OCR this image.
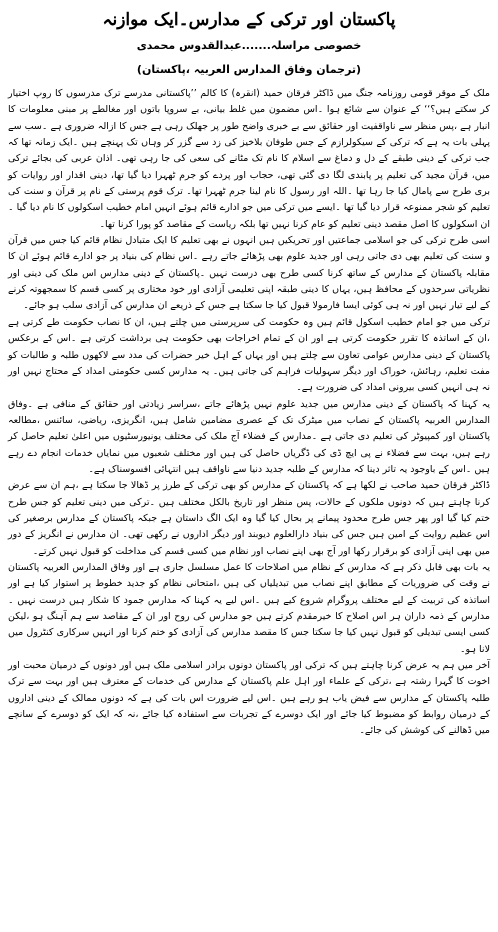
پاکستان اور ترکی کے مدارس۔ایک موازنہ
خصوصی مراسلہ.......عبدالقدوس محمدی
(ترجمان وفاق المدارس العربیہ ،پاکستان)

ملک کے موقر قومی روزنامہ جنگ میں ڈاکٹر فرقان حمید (انقرہ) کا کالم ’’پاکستانی مدرسے ترک مدرسوں کا روپ اختیار کر سکتے ہیں؟‘‘ کے عنوان سے شائع ہوا ۔اس مضمون میں غلط بیانی، بے سروپا باتوں اور مغالطے پر مبنی معلومات کا انبار ہے ،پس منظر سے ناواقفیت اور حقائق سے بے خبری واضح طور پر جھلک رہی ہے جس کا ازالہ ضروری ہے ۔سب سے پہلی بات یہ ہے کہ ترکی کے سیکولرازم کے جس طوفان بلاخیز کی زد سے گزر کر وہاں تک پہنچے ہیں ۔ایک زمانہ تھا کہ جب ترکی کے دینی طبقے کے دل و دماغ سے اسلام کا نام تک مٹانے کی سعی کی جا رہی تھی۔ اذان عربی کی بجائے ترکی میں، قرآن مجید کی تعلیم پر پابندی لگا دی گئی تھی، حجاب اور پردے کو جرم ٹھہرا دیا گیا تھا، دینی اقدار اور روایات کو بری طرح سے پامال کیا جا رہا تھا ۔اللہ اور رسول کا نام لینا جرم ٹھہرا تھا۔ ترک قوم پرستی کے نام پر قرآن و سنت کی تعلیم کو شجر ممنوعہ قرار دیا گیا تھا ۔ایسے میں ترکی میں جو ادارے قائم ہوئے انہیں امام خطیب اسکولوں کا نام دیا گیا ۔ان اسکولوں کا اصل مقصد دینی تعلیم کو عام کرنا نہیں تھا بلکہ ریاست کے مقاصد کو پورا کرنا تھا۔

اسی طرح ترکی کی جو اسلامی جماعتیں اور تحریکیں ہیں انہوں نے بھی تعلیم کا ایک متبادل نظام قائم کیا جس میں قرآن و سنت کی تعلیم بھی دی جاتی رہی اور جدید علوم بھی پڑھائے جاتے رہے ۔اس نظام کی بنیاد پر جو ادارے قائم ہوئے ان کا مقابلہ پاکستان کے مدارس کے ساتھ کرنا کسی طرح بھی درست نہیں ۔پاکستان کے دینی مدارس اس ملک کی دینی اور نظریاتی سرحدوں کے محافظ ہیں، یہاں کا دینی طبقہ اپنی تعلیمی آزادی اور خود مختاری پر کسی قسم کا سمجھوتہ کرنے کے لیے تیار نہیں اور نہ ہی کوئی ایسا فارمولا قبول کیا جا سکتا ہے جس کے ذریعے ان مدارس کی آزادی سلب ہو جائے۔

ترکی میں جو امام خطیب اسکول قائم ہیں وہ حکومت کی سرپرستی میں چلتے ہیں، ان کا نصاب حکومت طے کرتی ہے ،ان کے اساتذہ کا تقرر حکومت کرتی ہے اور ان کے تمام اخراجات بھی حکومت ہی برداشت کرتی ہے ۔اس کے برعکس پاکستان کے دینی مدارس عوامی تعاون سے چلتے ہیں اور یہاں کے اہل خیر حضرات کی مدد سے لاکھوں طلبہ و طالبات کو مفت تعلیم، رہائش، خوراک اور دیگر سہولیات فراہم کی جاتی ہیں۔ یہ مدارس کسی حکومتی امداد کے محتاج نہیں اور نہ ہی انہیں کسی بیرونی امداد کی ضرورت ہے۔

یہ کہنا کہ پاکستان کے دینی مدارس میں جدید علوم نہیں پڑھائے جاتے ،سراسر زیادتی اور حقائق کے منافی ہے ۔وفاق المدارس العربیہ پاکستان کے نصاب میں میٹرک تک کے عصری مضامین شامل ہیں، انگریزی، ریاضی، سائنس ،مطالعہ پاکستان اور کمپیوٹر کی تعلیم دی جاتی ہے ۔مدارس کے فضلاء آج ملک کی مختلف یونیورسٹیوں میں اعلیٰ تعلیم حاصل کر رہے ہیں، بہت سے فضلاء نے پی ایچ ڈی کی ڈگریاں حاصل کی ہیں اور مختلف شعبوں میں نمایاں خدمات انجام دے رہے ہیں ۔اس کے باوجود یہ تاثر دینا کہ مدارس کے طلبہ جدید دنیا سے ناواقف ہیں انتہائی افسوسناک ہے۔

ڈاکٹر فرقان حمید صاحب نے لکھا ہے کہ پاکستان کے مدارس کو بھی ترکی کے طرز پر ڈھالا جا سکتا ہے ،ہم ان سے عرض کرنا چاہتے ہیں کہ دونوں ملکوں کے حالات، پس منظر اور تاریخ بالکل مختلف ہیں ۔ترکی میں دینی تعلیم کو جس طرح ختم کیا گیا اور پھر جس طرح محدود پیمانے پر بحال کیا گیا وہ ایک الگ داستان ہے جبکہ پاکستان کے مدارس برصغیر کی اس عظیم روایت کے امین ہیں جس کی بنیاد دارالعلوم دیوبند اور دیگر اداروں نے رکھی تھی۔ ان مدارس نے انگریز کے دور میں بھی اپنی آزادی کو برقرار رکھا اور آج بھی اپنے نصاب اور نظام میں کسی قسم کی مداخلت کو قبول نہیں کرتے۔

یہ بات بھی قابل ذکر ہے کہ مدارس کے نظام میں اصلاحات کا عمل مسلسل جاری ہے اور وفاق المدارس العربیہ پاکستان نے وقت کی ضروریات کے مطابق اپنے نصاب میں تبدیلیاں کی ہیں ،امتحانی نظام کو جدید خطوط پر استوار کیا ہے اور اساتذہ کی تربیت کے لیے مختلف پروگرام شروع کیے ہیں ۔اس لیے یہ کہنا کہ مدارس جمود کا شکار ہیں درست نہیں ۔ مدارس کے ذمہ داران ہر اس اصلاح کا خیرمقدم کرتے ہیں جو مدارس کی روح اور ان کے مقاصد سے ہم آہنگ ہو ،لیکن کسی ایسی تبدیلی کو قبول نہیں کیا جا سکتا جس کا مقصد مدارس کی آزادی کو ختم کرنا اور انہیں سرکاری کنٹرول میں لانا ہو۔

آخر میں ہم یہ عرض کرنا چاہتے ہیں کہ ترکی اور پاکستان دونوں برادر اسلامی ملک ہیں اور دونوں کے درمیان محبت اور اخوت کا گہرا رشتہ ہے ،ترکی کے علماء اور اہل علم پاکستان کے مدارس کی خدمات کے معترف ہیں اور بہت سے ترک طلبہ پاکستان کے مدارس سے فیض یاب ہو رہے ہیں ۔اس لیے ضرورت اس بات کی ہے کہ دونوں ممالک کے دینی اداروں کے درمیان روابط کو مضبوط کیا جائے اور ایک دوسرے کے تجربات سے استفادہ کیا جائے ،نہ کہ ایک کو دوسرے کے سانچے میں ڈھالنے کی کوشش کی جائے۔
